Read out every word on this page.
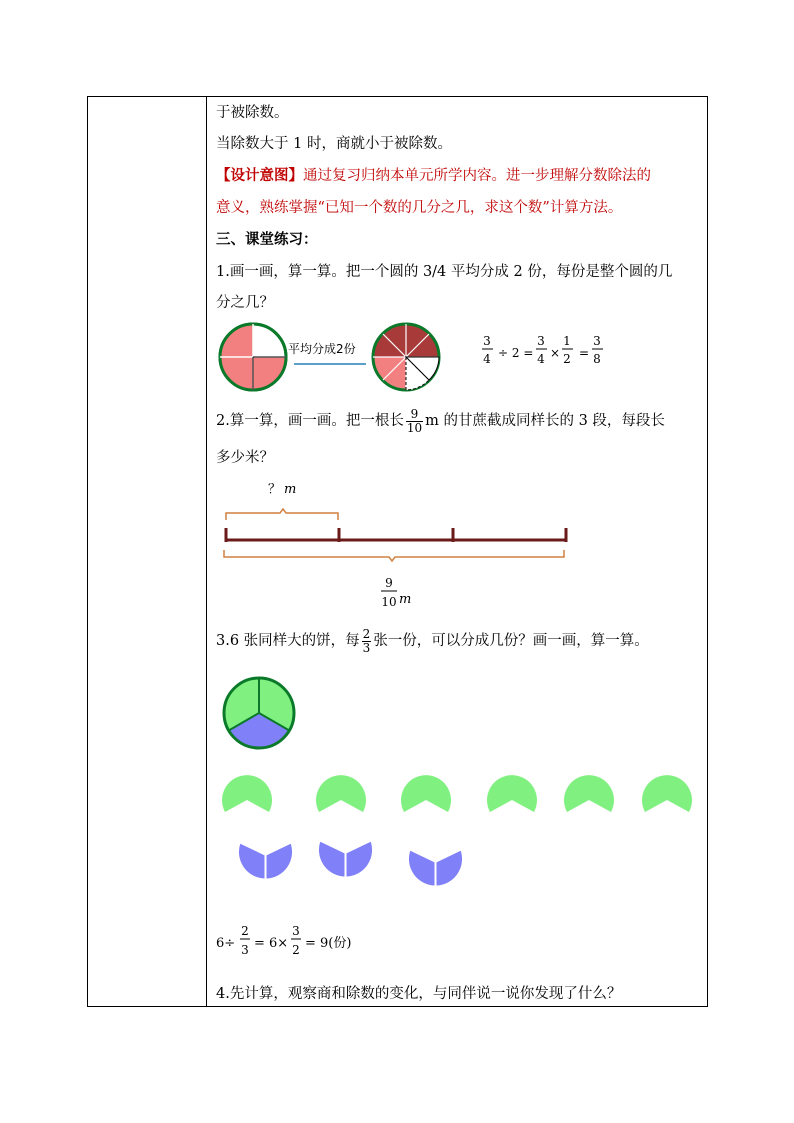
于被除数。
当除数大于 1 时，商就小于被除数。
【设计意图】通过复习归纳本单元所学内容。进一步理解分数除法的
意义，熟练掌握“已知一个数的几分之几，求这个数”计算方法。
三、课堂练习：
1.画一画，算一算。把一个圆的 3/4 平均分成 2 份，每份是整个圆的几
分之几？
平均分成2份
3
4 ÷ 2 =
3
4 ×
1
2 =
3
8
2.算一算，画一画。把一根长 $\frac{9}{10}$ m 的甘蔗截成同样长的 3 段，每段长
多少米？
？ m
9
10 m
3.6 张同样大的饼，每 $\frac{2}{3}$ 张一份，可以分成几份？画一画，算一算。
6÷
2
3 = 6×
3
2 = 9(份)
4.先计算，观察商和除数的变化，与同伴说一说你发现了什么？
